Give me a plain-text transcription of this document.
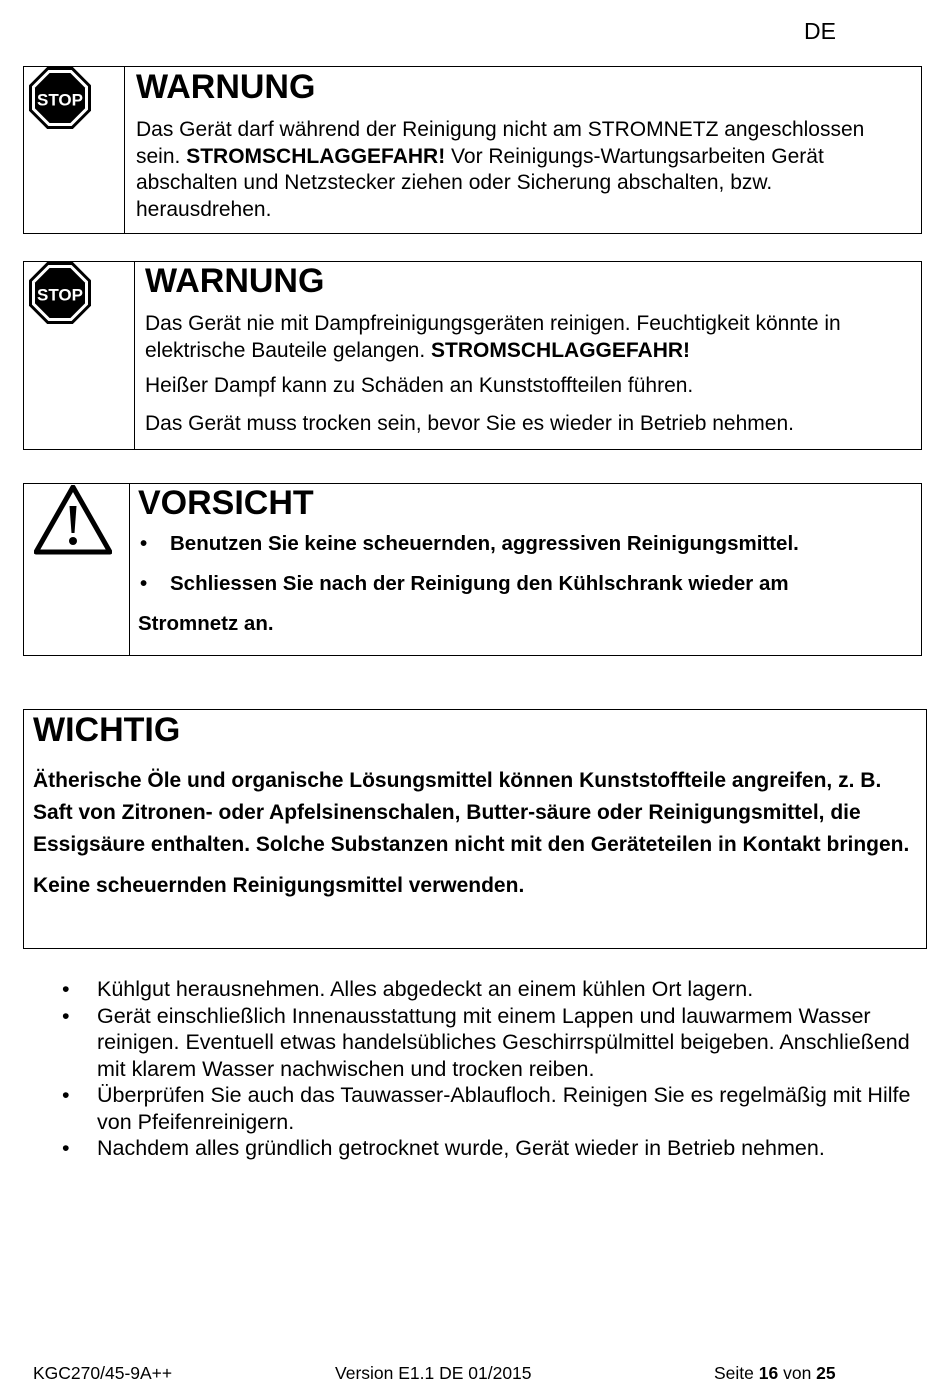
DE
STOP WARNUNG

Das Gerät darf während der Reinigung nicht am STROMNETZ angeschlossen sein. STROMSCHLAGGEFAHR! Vor Reinigungs-Wartungsarbeiten Gerät abschalten und Netzstecker ziehen oder Sicherung abschalten, bzw. herausdrehen.

STOP WARNUNG

Das Gerät nie mit Dampfreinigungsgeräten reinigen. Feuchtigkeit könnte in elektrische Bauteile gelangen. STROMSCHLAGGEFAHR!

Heißer Dampf kann zu Schäden an Kunststoffteilen führen.

Das Gerät muss trocken sein, bevor Sie es wieder in Betrieb nehmen.

VORSICHT
• Benutzen Sie keine scheuernden, aggressiven Reinigungsmittel.
• Schliessen Sie nach der Reinigung den Kühlschrank wieder am
Stromnetz an.
WICHTIG

Ätherische Öle und organische Lösungsmittel können Kunststoffteile angreifen, z. B. Saft von Zitronen- oder Apfelsinenschalen, Butter-säure oder Reinigungsmittel, die Essigsäure enthalten. Solche Substanzen nicht mit den Geräteteilen in Kontakt bringen.

Keine scheuernden Reinigungsmittel verwenden.

• Kühlgut herausnehmen. Alles abgedeckt an einem kühlen Ort lagern.
• Gerät einschließlich Innenausstattung mit einem Lappen und lauwarmem Wasser reinigen. Eventuell etwas handelsübliches Geschirrspülmittel beigeben. Anschließend mit klarem Wasser nachwischen und trocken reiben.
• Überprüfen Sie auch das Tauwasser-Ablaufloch. Reinigen Sie es regelmäßig mit Hilfe von Pfeifenreinigern.
• Nachdem alles gründlich getrocknet wurde, Gerät wieder in Betrieb nehmen.
KGC270/45-9A++	Version E1.1 DE 01/2015	Seite 16 von 25
